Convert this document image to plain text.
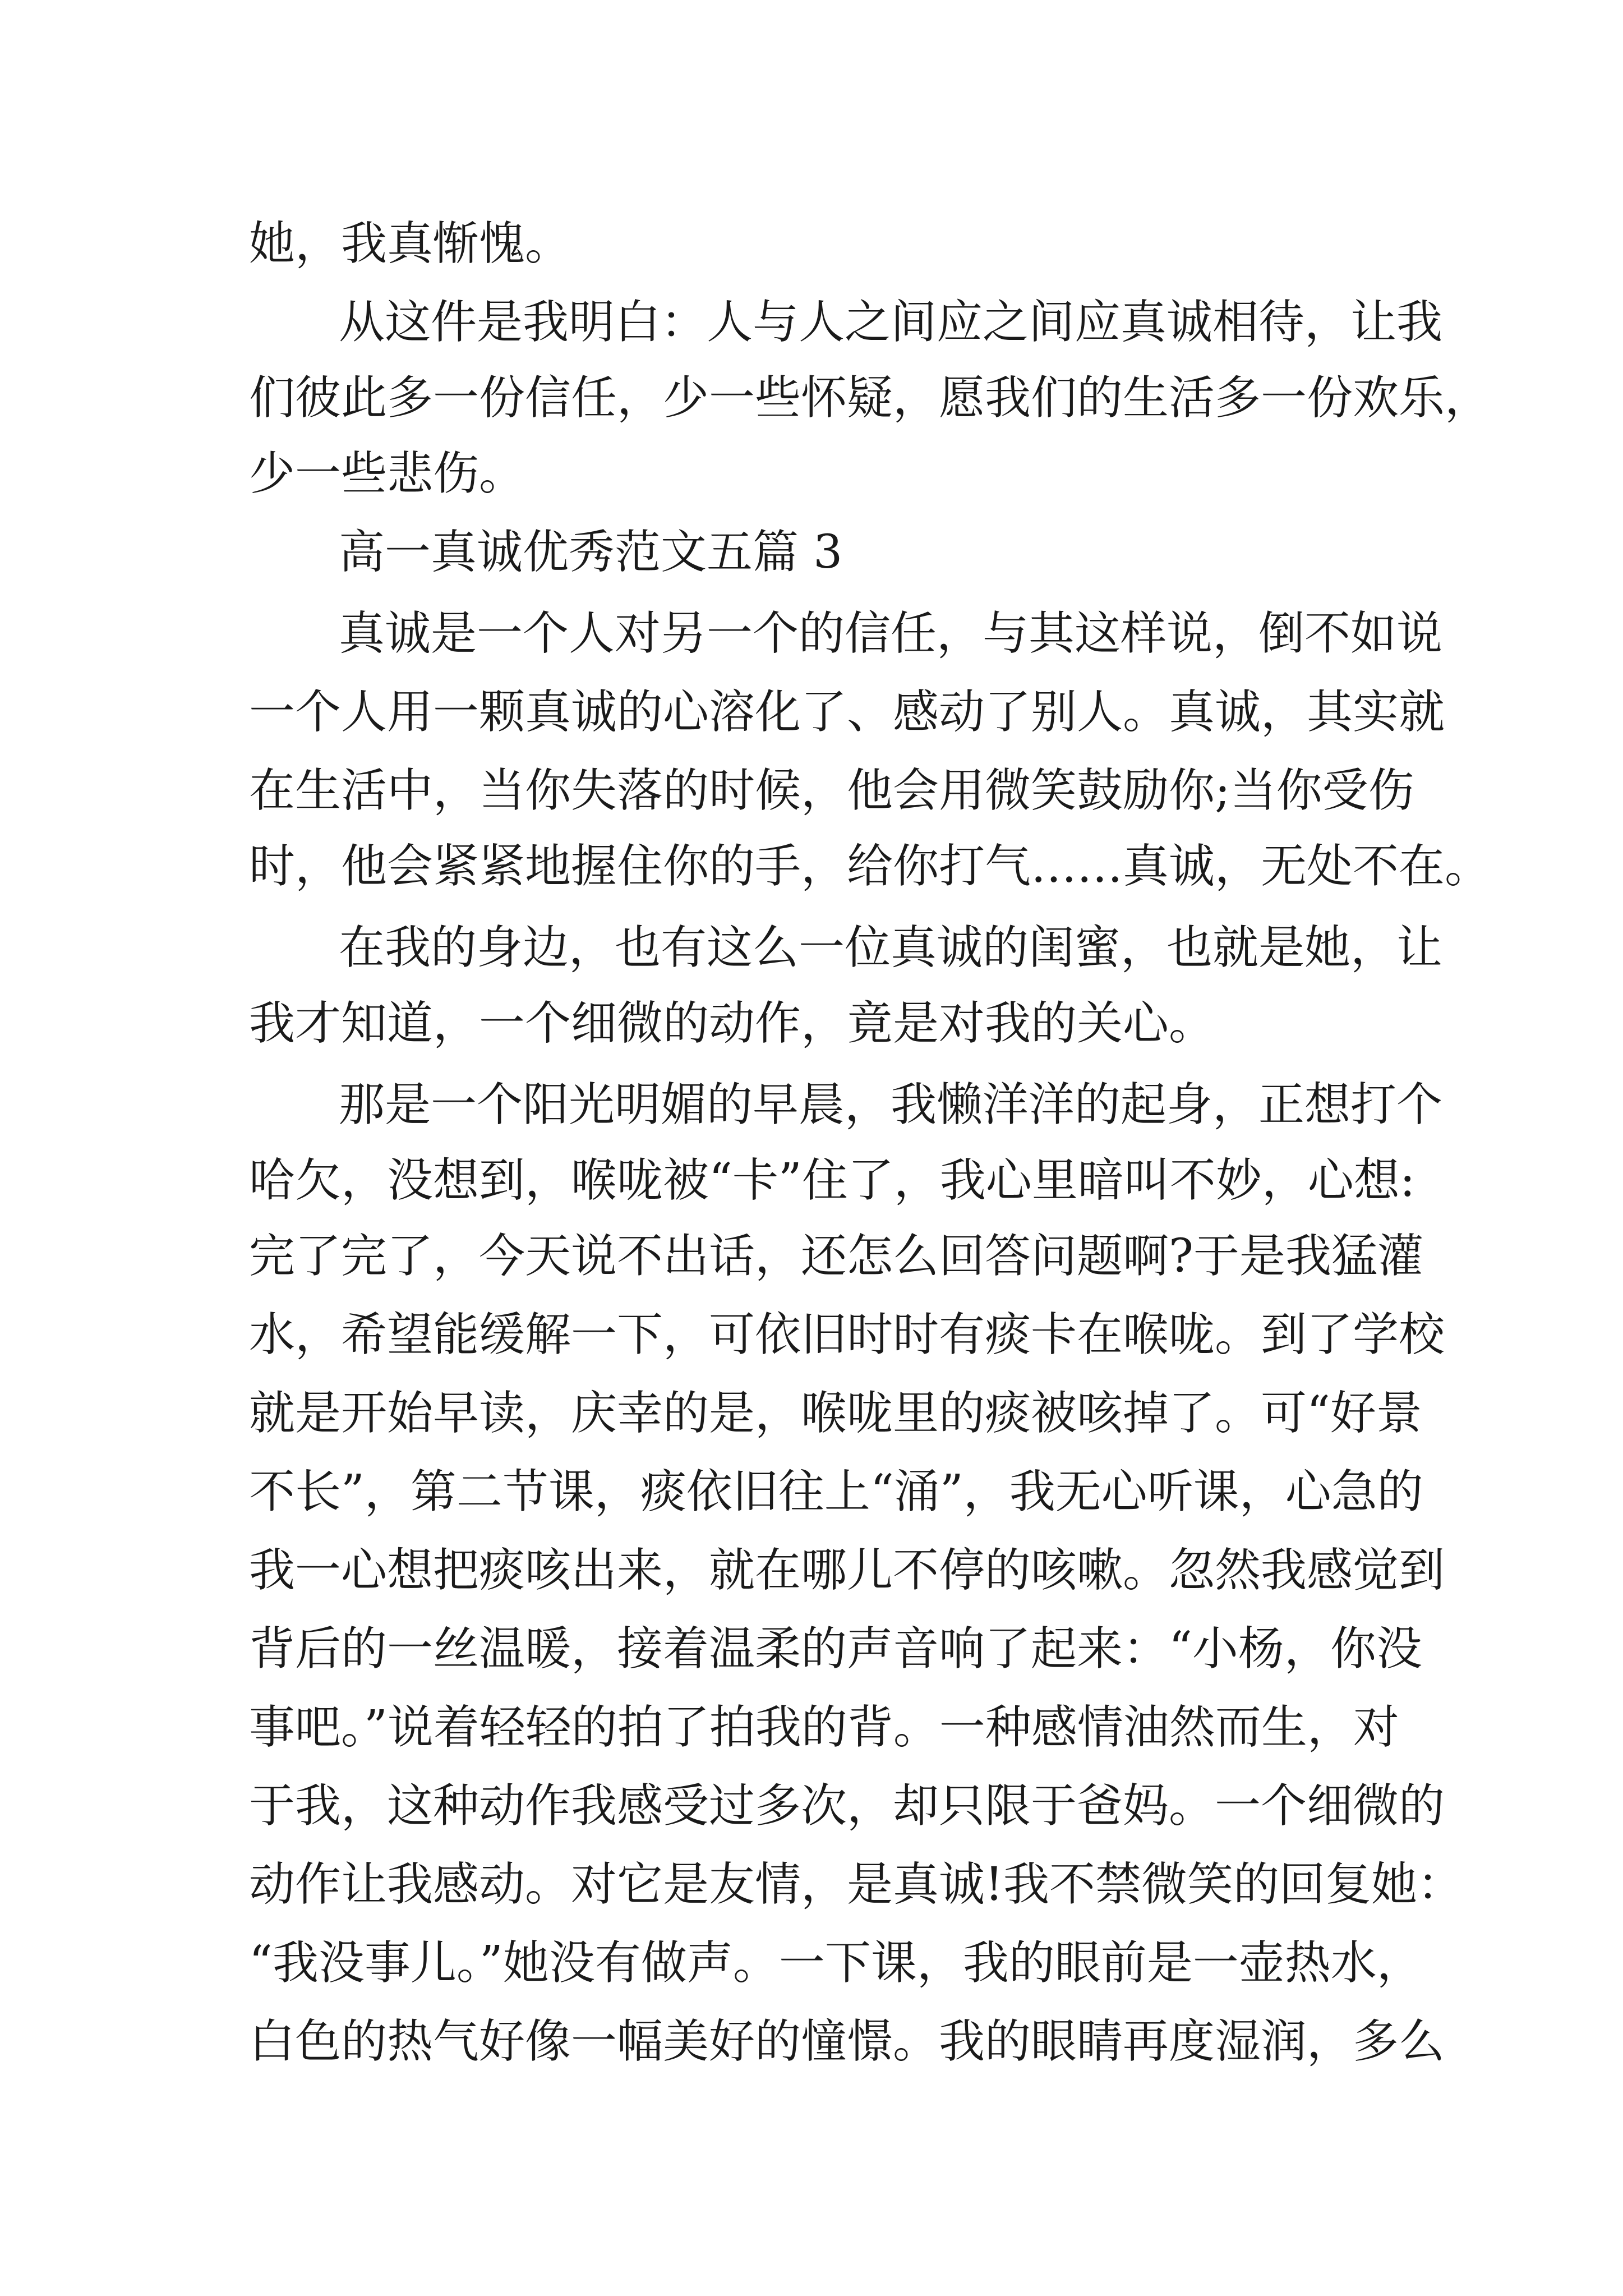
她，我真惭愧。
从这件是我明白：人与人之间应之间应真诚相待，让我
们彼此多一份信任，少一些怀疑，愿我们的生活多一份欢乐，
少一些悲伤。
高一真诚优秀范文五篇 3
真诚是一个人对另一个的信任，与其这样说，倒不如说
一个人用一颗真诚的心溶化了、感动了别人。真诚，其实就
在生活中，当你失落的时候，他会用微笑鼓励你;当你受伤
时，他会紧紧地握住你的手，给你打气……真诚，无处不在。
在我的身边，也有这么一位真诚的闺蜜，也就是她，让
我才知道，一个细微的动作，竟是对我的关心。
那是一个阳光明媚的早晨，我懒洋洋的起身，正想打个
哈欠，没想到，喉咙被“卡”住了，我心里暗叫不妙，心想:
完了完了，今天说不出话，还怎么回答问题啊?于是我猛灌
水，希望能缓解一下，可依旧时时有痰卡在喉咙。到了学校
就是开始早读，庆幸的是，喉咙里的痰被咳掉了。可“好景
不长”，第二节课，痰依旧往上“涌”，我无心听课，心急的
我一心想把痰咳出来，就在哪儿不停的咳嗽。忽然我感觉到
背后的一丝温暖，接着温柔的声音响了起来：“小杨，你没
事吧。”说着轻轻的拍了拍我的背。一种感情油然而生，对
于我，这种动作我感受过多次，却只限于爸妈。一个细微的
动作让我感动。对它是友情，是真诚!我不禁微笑的回复她：
“我没事儿。”她没有做声。一下课，我的眼前是一壶热水，
白色的热气好像一幅美好的憧憬。我的眼睛再度湿润，多么
